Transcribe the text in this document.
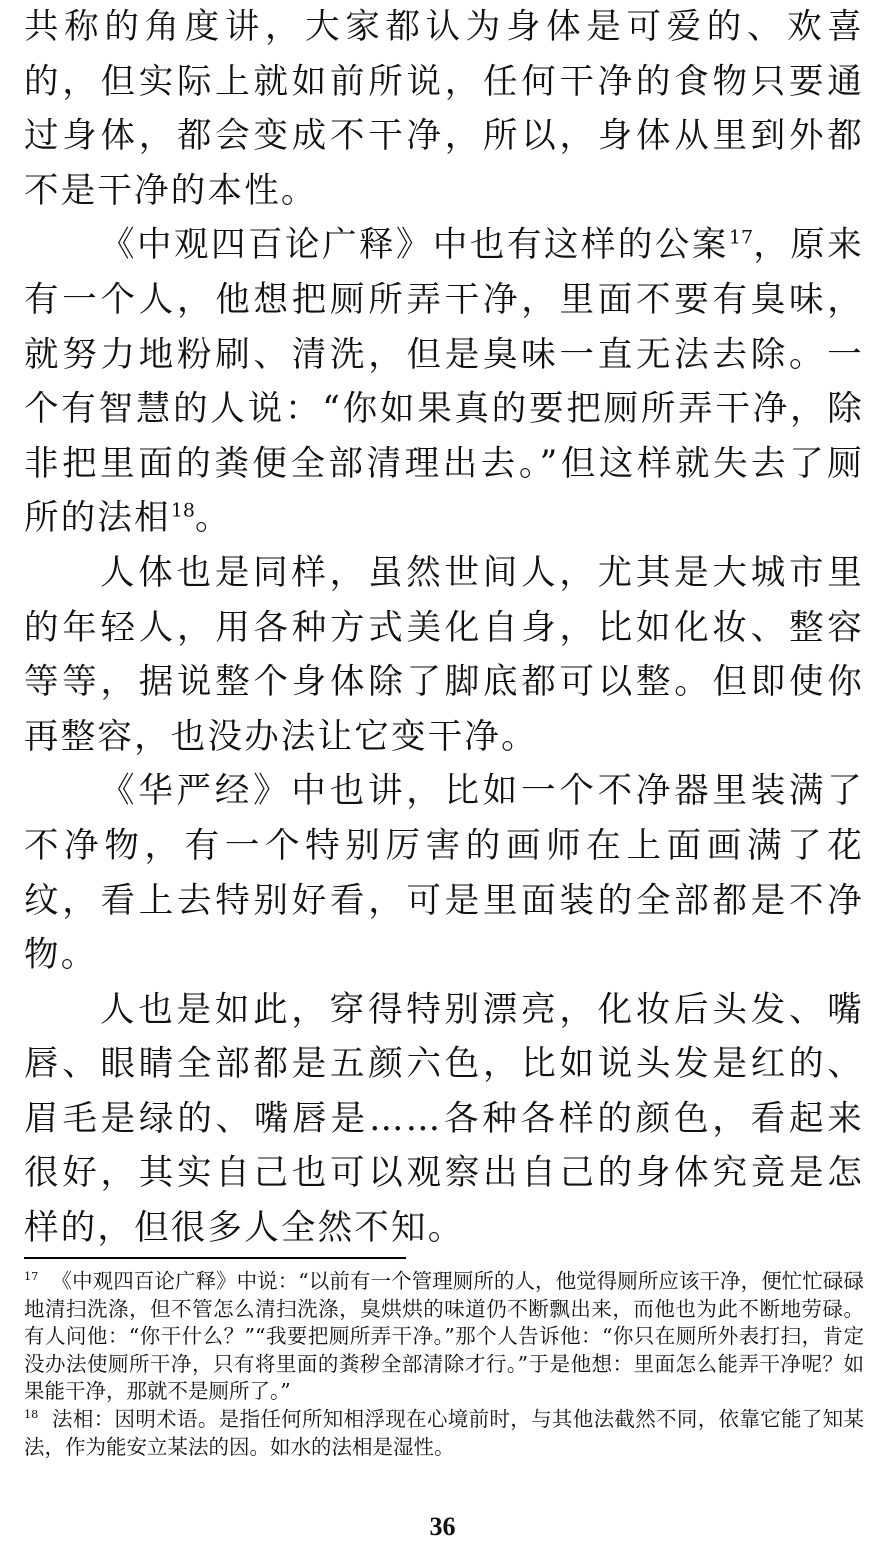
共称的角度讲，大家都认为身体是可爱的、欢喜的，但实际上就如前所说，任何干净的食物只要通过身体，都会变成不干净，所以，身体从里到外都不是干净的本性。

《中观四百论广释》中也有这样的公案$^{17}$，原来有一个人，他想把厕所弄干净，里面不要有臭味，就努力地粉刷、清洗，但是臭味一直无法去除。一个有智慧的人说：“你如果真的要把厕所弄干净，除非把里面的粪便全部清理出去。”但这样就失去了厕所的法相$^{18}$。

人体也是同样，虽然世间人，尤其是大城市里的年轻人，用各种方式美化自身，比如化妆、整容等等，据说整个身体除了脚底都可以整。但即使你再整容，也没办法让它变干净。

《华严经》中也讲，比如一个不净器里装满了不净物，有一个特别厉害的画师在上面画满了花纹，看上去特别好看，可是里面装的全部都是不净物。

人也是如此，穿得特别漂亮，化妆后头发、嘴唇、眼睛全部都是五颜六色，比如说头发是红的、眉毛是绿的、嘴唇是……各种各样的颜色，看起来很好，其实自己也可以观察出自己的身体究竟是怎样的，但很多人全然不知。

$^{17}$ 《中观四百论广释》中说：“以前有一个管理厕所的人，他觉得厕所应该干净，便忙忙碌碌地清扫洗涤，但不管怎么清扫洗涤，臭烘烘的味道仍不断飘出来，而他也为此不断地劳碌。有人问他：“你干什么？”“我要把厕所弄干净。”那个人告诉他：“你只在厕所外表打扫，肯定没办法使厕所干净，只有将里面的粪秽全部清除才行。”于是他想：里面怎么能弄干净呢？如果能干净，那就不是厕所了。”

$^{18}$ 法相：因明术语。是指任何所知相浮现在心境前时，与其他法截然不同，依靠它能了知某法，作为能安立某法的因。如水的法相是湿性。

36
